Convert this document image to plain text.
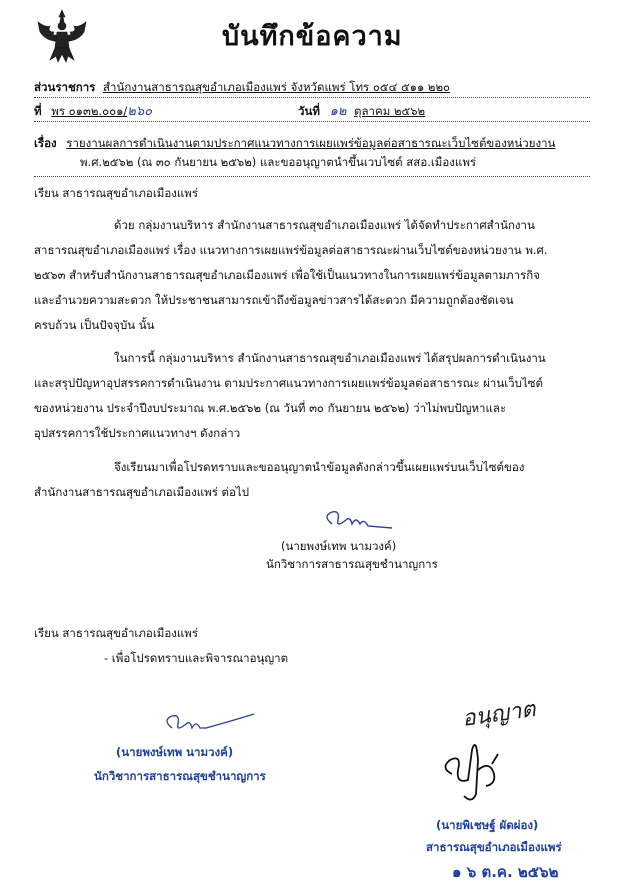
บันทึกข้อความ
ส่วนราชการ สำนักงานสาธารณสุขอำเภอเมืองแพร่ จังหวัดแพร่ โทร ๐๕๔ ๕๑๑ ๒๒๐
ที่ พร ๐๑๓๒.๐๐๑/๒๖๐	วันที่ ๑๒ ตุลาคม ๒๕๖๒
เรื่อง รายงานผลการดำเนินงานตามประกาศแนวทางการเผยแพร่ข้อมูลต่อสาธารณะเว็บไซต์ของหน่วยงาน
พ.ศ.๒๕๖๒ (ณ ๓๐ กันยายน ๒๕๖๒) และขออนุญาตนำขึ้นเวบไซต์ สสอ.เมืองแพร่
เรียน สาธารณสุขอำเภอเมืองแพร่
ด้วย กลุ่มงานบริหาร สำนักงานสาธารณสุขอำเภอเมืองแพร่ ได้จัดทำประกาศสำนักงาน
สาธารณสุขอำเภอเมืองแพร่ เรื่อง แนวทางการเผยแพร่ข้อมูลต่อสาธารณะผ่านเว็บไซต์ของหน่วยงาน พ.ศ.
๒๕๖๓ สำหรับสำนักงานสาธารณสุขอำเภอเมืองแพร่ เพื่อใช้เป็นแนวทางในการเผยแพร่ข้อมูลตามภารกิจ
และอำนวยความสะดวก ให้ประชาชนสามารถเข้าถึงข้อมูลข่าวสารได้สะดวก มีความถูกต้องชัดเจน
ครบถ้วน เป็นปัจจุบัน นั้น
ในการนี้ กลุ่มงานบริหาร สำนักงานสาธารณสุขอำเภอเมืองแพร่ ได้สรุปผลการดำเนินงาน
และสรุปปัญหาอุปสรรคการดำเนินงาน ตามประกาศแนวทางการเผยแพร่ข้อมูลต่อสาธารณะ ผ่านเว็บไซต์
ของหน่วยงาน ประจำปีงบประมาณ พ.ศ.๒๕๖๒ (ณ วันที่ ๓๐ กันยายน ๒๕๖๒) ว่าไม่พบปัญหาและ
อุปสรรคการใช้ประกาศแนวทางฯ ดังกล่าว
จึงเรียนมาเพื่อโปรดทราบและขออนุญาตนำข้อมูลดังกล่าวขึ้นเผยแพร่บนเว็บไซต์ของ
สำนักงานสาธารณสุขอำเภอเมืองแพร่ ต่อไป
(นายพงษ์เทพ นามวงค์)
นักวิชาการสาธารณสุขชำนาญการ
เรียน สาธารณสุขอำเภอเมืองแพร่
- เพื่อโปรดทราบและพิจารณาอนุญาต
(นายพงษ์เทพ นามวงค์)
นักวิชาการสาธารณสุขชำนาญการ
อนุญาต
(นายพิเชษฐ์ ผัดผ่อง)
สาธารณสุขอำเภอเมืองแพร่
๑ ๖ ต.ค. ๒๕๖๒
